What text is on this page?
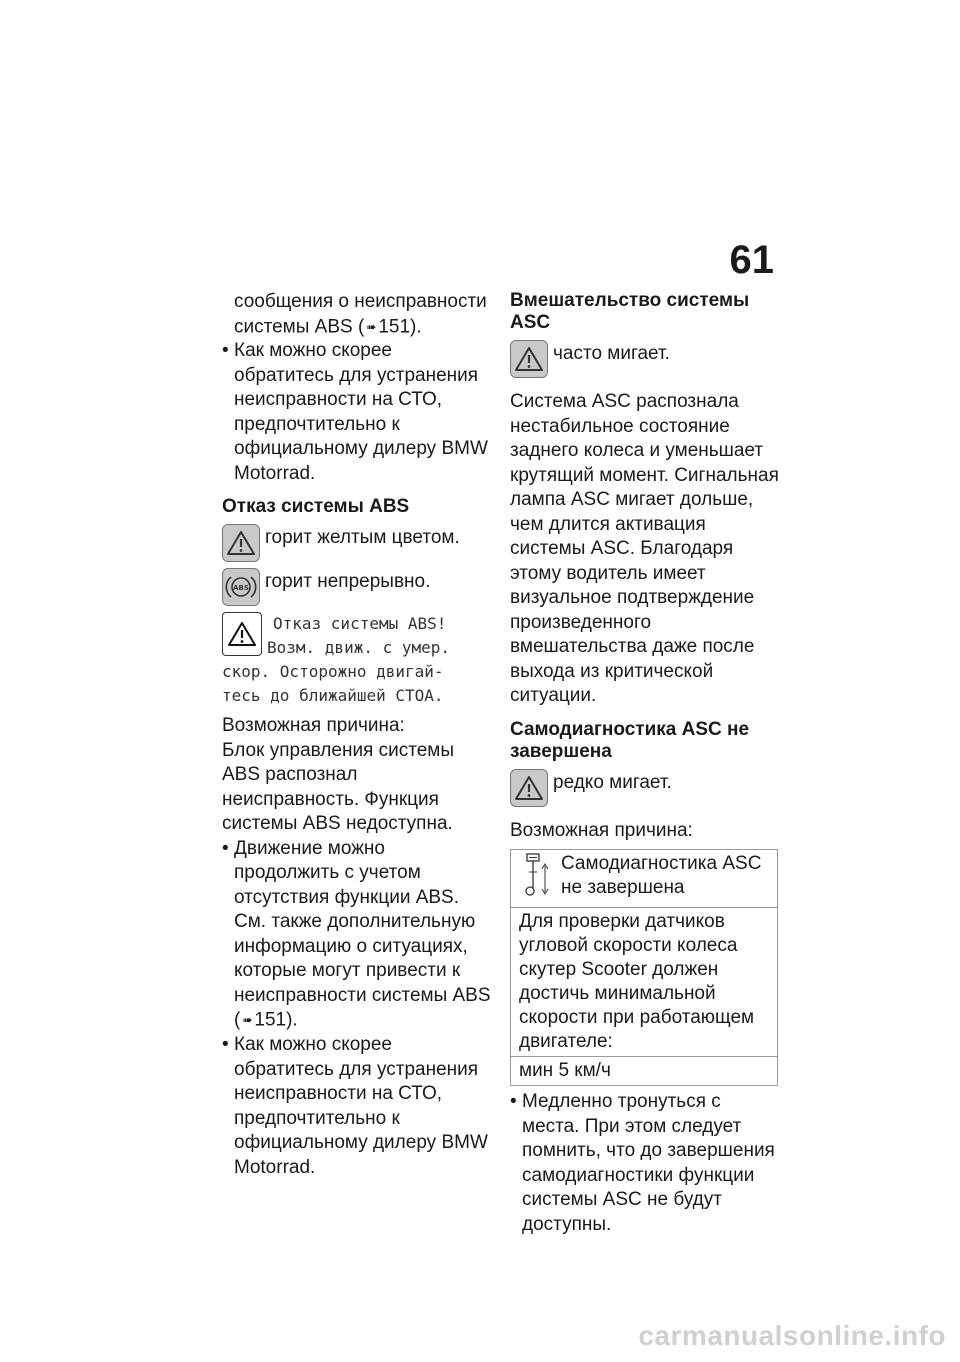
61

сообщения о неисправности

системы ABS ( ➠ 151).

• Как можно скорее обратитесь для устранения неисправности на СТО, предпочтительно к официальному дилеру BMW Motorrad.

Отказ системы ABS
горит желтым цветом.
ABS горит непрерывно.
Отказ системы ABS!
Возм. движ. с умер.
скор. Осторожно двигай-
тесь до ближайшей СТОА.

Возможная причина:

Блок управления системы ABS распознал неисправность. Функция системы ABS недоступна.

• Движение можно продолжить с учетом отсутствия функции ABS. См. также дополнительную информацию о ситуациях, которые могут привести к неисправности системы ABS ( ➠ 151).

• Как можно скорее обратитесь для устранения неисправности на СТО, предпочтительно к официальному дилеру BMW Motorrad.

Вмешательство системы ASC
часто мигает.

Система ASC распознала нестабильное состояние заднего колеса и уменьшает крутящий момент. Сигнальная лампа ASC мигает дольше, чем длится активация системы ASC. Благодаря этому водитель имеет визуальное подтверждение произведенного вмешательства даже после выхода из критической ситуации.

Самодиагностика ASC не завершена
редко мигает.

Возможная причина:

Самодиагностика ASC не завершена

Для проверки датчиков угловой скорости колеса скутер Scooter должен достичь минимальной скорости при работающем двигателе:
мин 5 км/ч

• Медленно тронуться с места. При этом следует помнить, что до завершения самодиагностики функции системы ASC не будут доступны.

carmanualsonline.info
